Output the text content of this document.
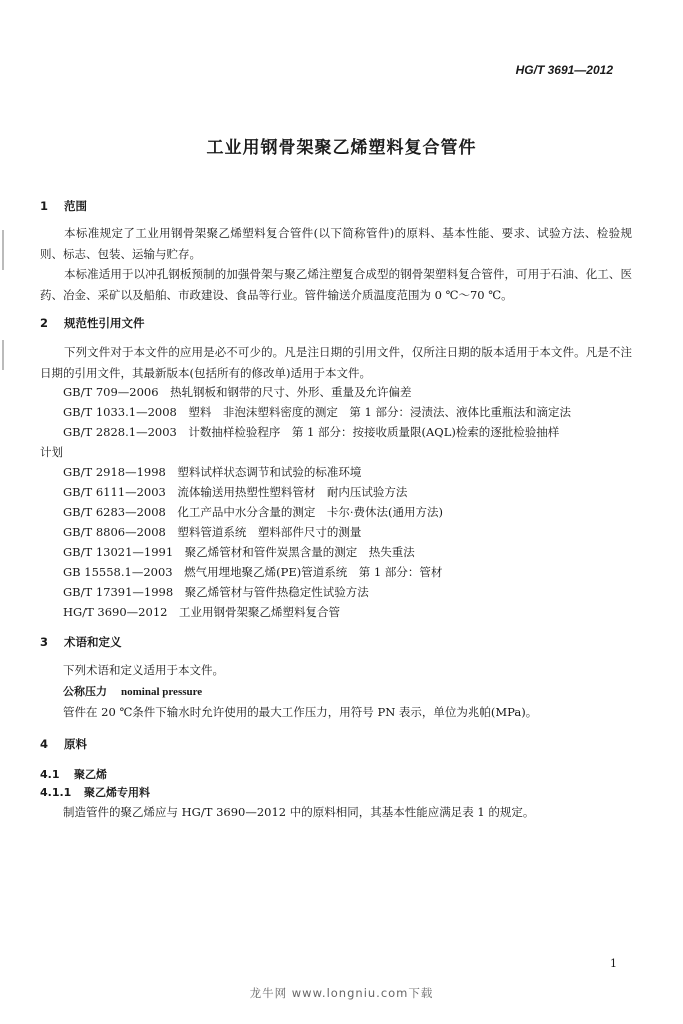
HG/T 3691—2012
工业用钢骨架聚乙烯塑料复合管件
1 范围
本标准规定了工业用钢骨架聚乙烯塑料复合管件(以下简称管件)的原料、基本性能、要求、试验方法、检验规则、标志、包装、运输与贮存。
本标准适用于以冲孔钢板预制的加强骨架与聚乙烯注塑复合成型的钢骨架塑料复合管件，可用于石油、化工、医药、冶金、采矿以及船舶、市政建设、食品等行业。管件输送介质温度范围为 0 ℃～70 ℃。
2 规范性引用文件
下列文件对于本文件的应用是必不可少的。凡是注日期的引用文件，仅所注日期的版本适用于本文件。凡是不注日期的引用文件，其最新版本(包括所有的修改单)适用于本文件。
GB/T 709—2006　 热轧钢板和钢带的尺寸、外形、重量及允许偏差
GB/T 1033.1—2008　 塑料　非泡沫塑料密度的测定　第 1 部分：浸渍法、液体比重瓶法和滴定法
GB/T 2828.1—2003　 计数抽样检验程序　第 1 部分：按接收质量限(AQL)检索的逐批检验抽样
计划
GB/T 2918—1998　 塑料试样状态调节和试验的标准环境
GB/T 6111—2003　 流体输送用热塑性塑料管材　耐内压试验方法
GB/T 6283—2008　 化工产品中水分含量的测定　卡尔·费休法(通用方法)
GB/T 8806—2008　 塑料管道系统　塑料部件尺寸的测量
GB/T 13021—1991　 聚乙烯管材和管件炭黑含量的测定　热失重法
GB 15558.1—2003　 燃气用埋地聚乙烯(PE)管道系统　第 1 部分：管材
GB/T 17391—1998　 聚乙烯管材与管件热稳定性试验方法
HG/T 3690—2012　 工业用钢骨架聚乙烯塑料复合管
3 术语和定义
下列术语和定义适用于本文件。
公称压力 nominal pressure
管件在 20 ℃条件下输水时允许使用的最大工作压力，用符号 PN 表示，单位为兆帕(MPa)。
4 原料
4.1 聚乙烯
4.1.1 聚乙烯专用料
制造管件的聚乙烯应与 HG/T 3690—2012 中的原料相同，其基本性能应满足表 1 的规定。
1
龙牛网 www.longniu.com下载
